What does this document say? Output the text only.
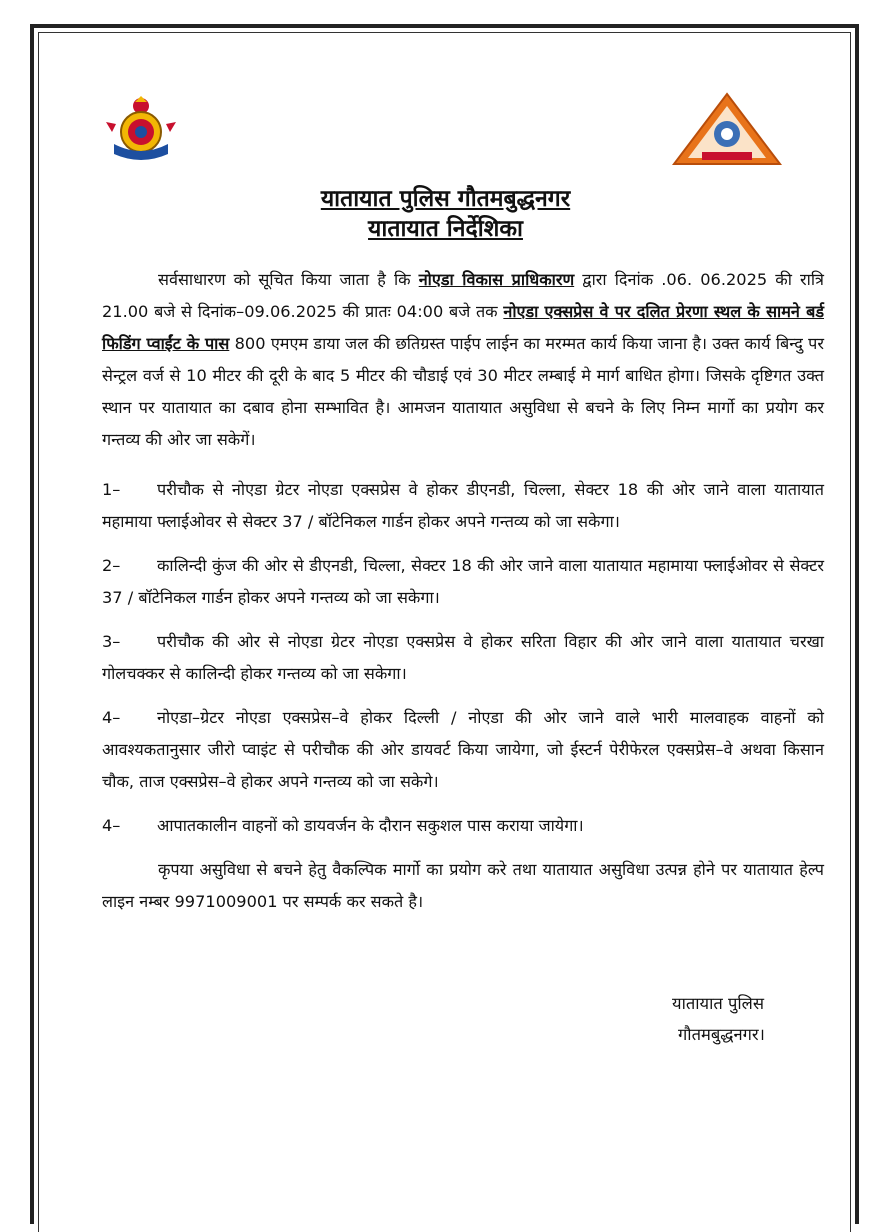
यातायात पुलिस गौतमबुद्धनगर
यातायात निर्देशिका

सर्वसाधारण को सूचित किया जाता है कि नोएडा विकास प्राधिकारण द्वारा दिनांक .06. 06.2025 की रात्रि 21.00 बजे से दिनांक–09.06.2025 की प्रातः 04:00 बजे तक नोएडा एक्सप्रेस वे पर दलित प्रेरणा स्थल के सामने बर्ड फिडिंग प्वाईंट के पास 800 एमएम डाया जल की छतिग्रस्त पाईप लाईन का मरम्मत कार्य किया जाना है। उक्त कार्य बिन्दु पर सेन्ट्रल वर्ज से 10 मीटर की दूरी के बाद 5 मीटर की चौडाई एवं 30 मीटर लम्बाई मे मार्ग बाधित होगा। जिसके दृष्टिगत उक्त स्थान पर यातायात का दबाव होना सम्भावित है। आमजन यातायात असुविधा से बचने के लिए निम्न मार्गो का प्रयोग कर गन्तव्य की ओर जा सकेगें।

1– परीचौक से नोएडा ग्रेटर नोएडा एक्सप्रेस वे होकर डीएनडी, चिल्ला, सेक्टर 18 की ओर जाने वाला यातायात महामाया फ्लाईओवर से सेक्टर 37 / बॉटेनिकल गार्डन होकर अपने गन्तव्य को जा सकेगा।

2– कालिन्दी कुंज की ओर से डीएनडी, चिल्ला, सेक्टर 18 की ओर जाने वाला यातायात महामाया फ्लाईओवर से सेक्टर 37 / बॉटेनिकल गार्डन होकर अपने गन्तव्य को जा सकेगा।

3– परीचौक की ओर से नोएडा ग्रेटर नोएडा एक्सप्रेस वे होकर सरिता विहार की ओर जाने वाला यातायात चरखा गोलचक्कर से कालिन्दी होकर गन्तव्य को जा सकेगा।

4– नोएडा–ग्रेटर नोएडा एक्सप्रेस–वे होकर दिल्ली / नोएडा की ओर जाने वाले भारी मालवाहक वाहनों को आवश्यकतानुसार जीरो प्वाइंट से परीचौक की ओर डायवर्ट किया जायेगा, जो ईस्टर्न पेरीफेरल एक्सप्रेस–वे अथवा किसान चौक, ताज एक्सप्रेस–वे होकर अपने गन्तव्य को जा सकेगे।

4– आपातकालीन वाहनों को डायवर्जन के दौरान सकुशल पास कराया जायेगा।

कृपया असुविधा से बचने हेतु वैकल्पिक मार्गो का प्रयोग करे तथा यातायात असुविधा उत्पन्न होने पर यातायात हेल्प लाइन नम्बर 9971009001 पर सम्पर्क कर सकते है।

यातायात पुलिस
गौतमबुद्धनगर।
